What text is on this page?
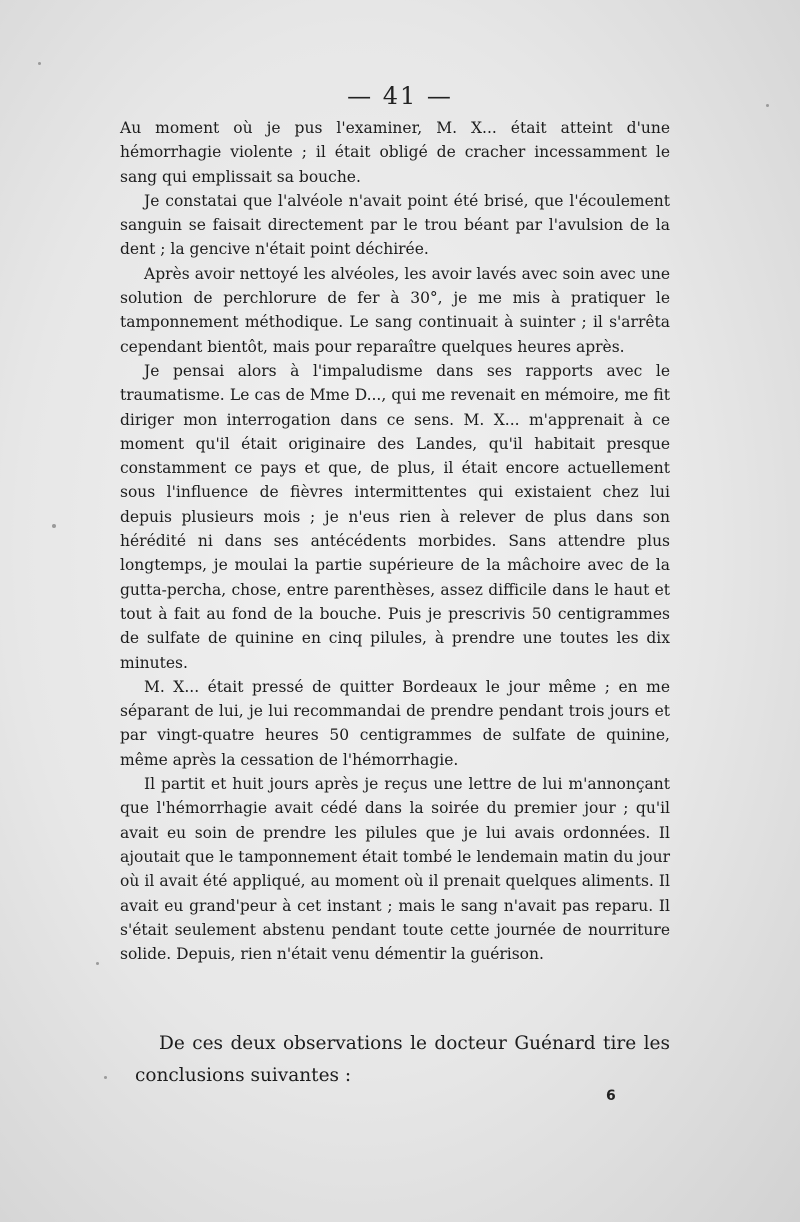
— 41 —

Au moment où je pus l'examiner, M. X... était atteint d'une hémorrhagie violente ; il était obligé de cracher incessamment le sang qui emplissait sa bouche.

Je constatai que l'alvéole n'avait point été brisé, que l'écoulement sanguin se faisait directement par le trou béant par l'avulsion de la dent ; la gencive n'était point déchirée.

Après avoir nettoyé les alvéoles, les avoir lavés avec soin avec une solution de perchlorure de fer à 30°, je me mis à pratiquer le tamponnement méthodique. Le sang continuait à suinter ; il s'arrêta cependant bientôt, mais pour reparaître quelques heures après.

Je pensai alors à l'impaludisme dans ses rapports avec le traumatisme. Le cas de Mme D..., qui me revenait en mémoire, me fit diriger mon interrogation dans ce sens. M. X... m'apprenait à ce moment qu'il était originaire des Landes, qu'il habitait presque constamment ce pays et que, de plus, il était encore actuellement sous l'influence de fièvres intermittentes qui existaient chez lui depuis plusieurs mois ; je n'eus rien à relever de plus dans son hérédité ni dans ses antécédents morbides. Sans attendre plus longtemps, je moulai la partie supérieure de la mâchoire avec de la gutta-percha, chose, entre parenthèses, assez difficile dans le haut et tout à fait au fond de la bouche. Puis je prescrivis 50 centigrammes de sulfate de quinine en cinq pilules, à prendre une toutes les dix minutes.

M. X... était pressé de quitter Bordeaux le jour même ; en me séparant de lui, je lui recommandai de prendre pendant trois jours et par vingt-quatre heures 50 centigrammes de sulfate de quinine, même après la cessation de l'hémorrhagie.

Il partit et huit jours après je reçus une lettre de lui m'annonçant que l'hémorrhagie avait cédé dans la soirée du premier jour ; qu'il avait eu soin de prendre les pilules que je lui avais ordonnées. Il ajoutait que le tamponnement était tombé le lendemain matin du jour où il avait été appliqué, au moment où il prenait quelques aliments. Il avait eu grand'peur à cet instant ; mais le sang n'avait pas reparu. Il s'était seulement abstenu pendant toute cette journée de nourriture solide. Depuis, rien n'était venu démentir la guérison.

De ces deux observations le docteur Guénard tire les conclusions suivantes :

6
